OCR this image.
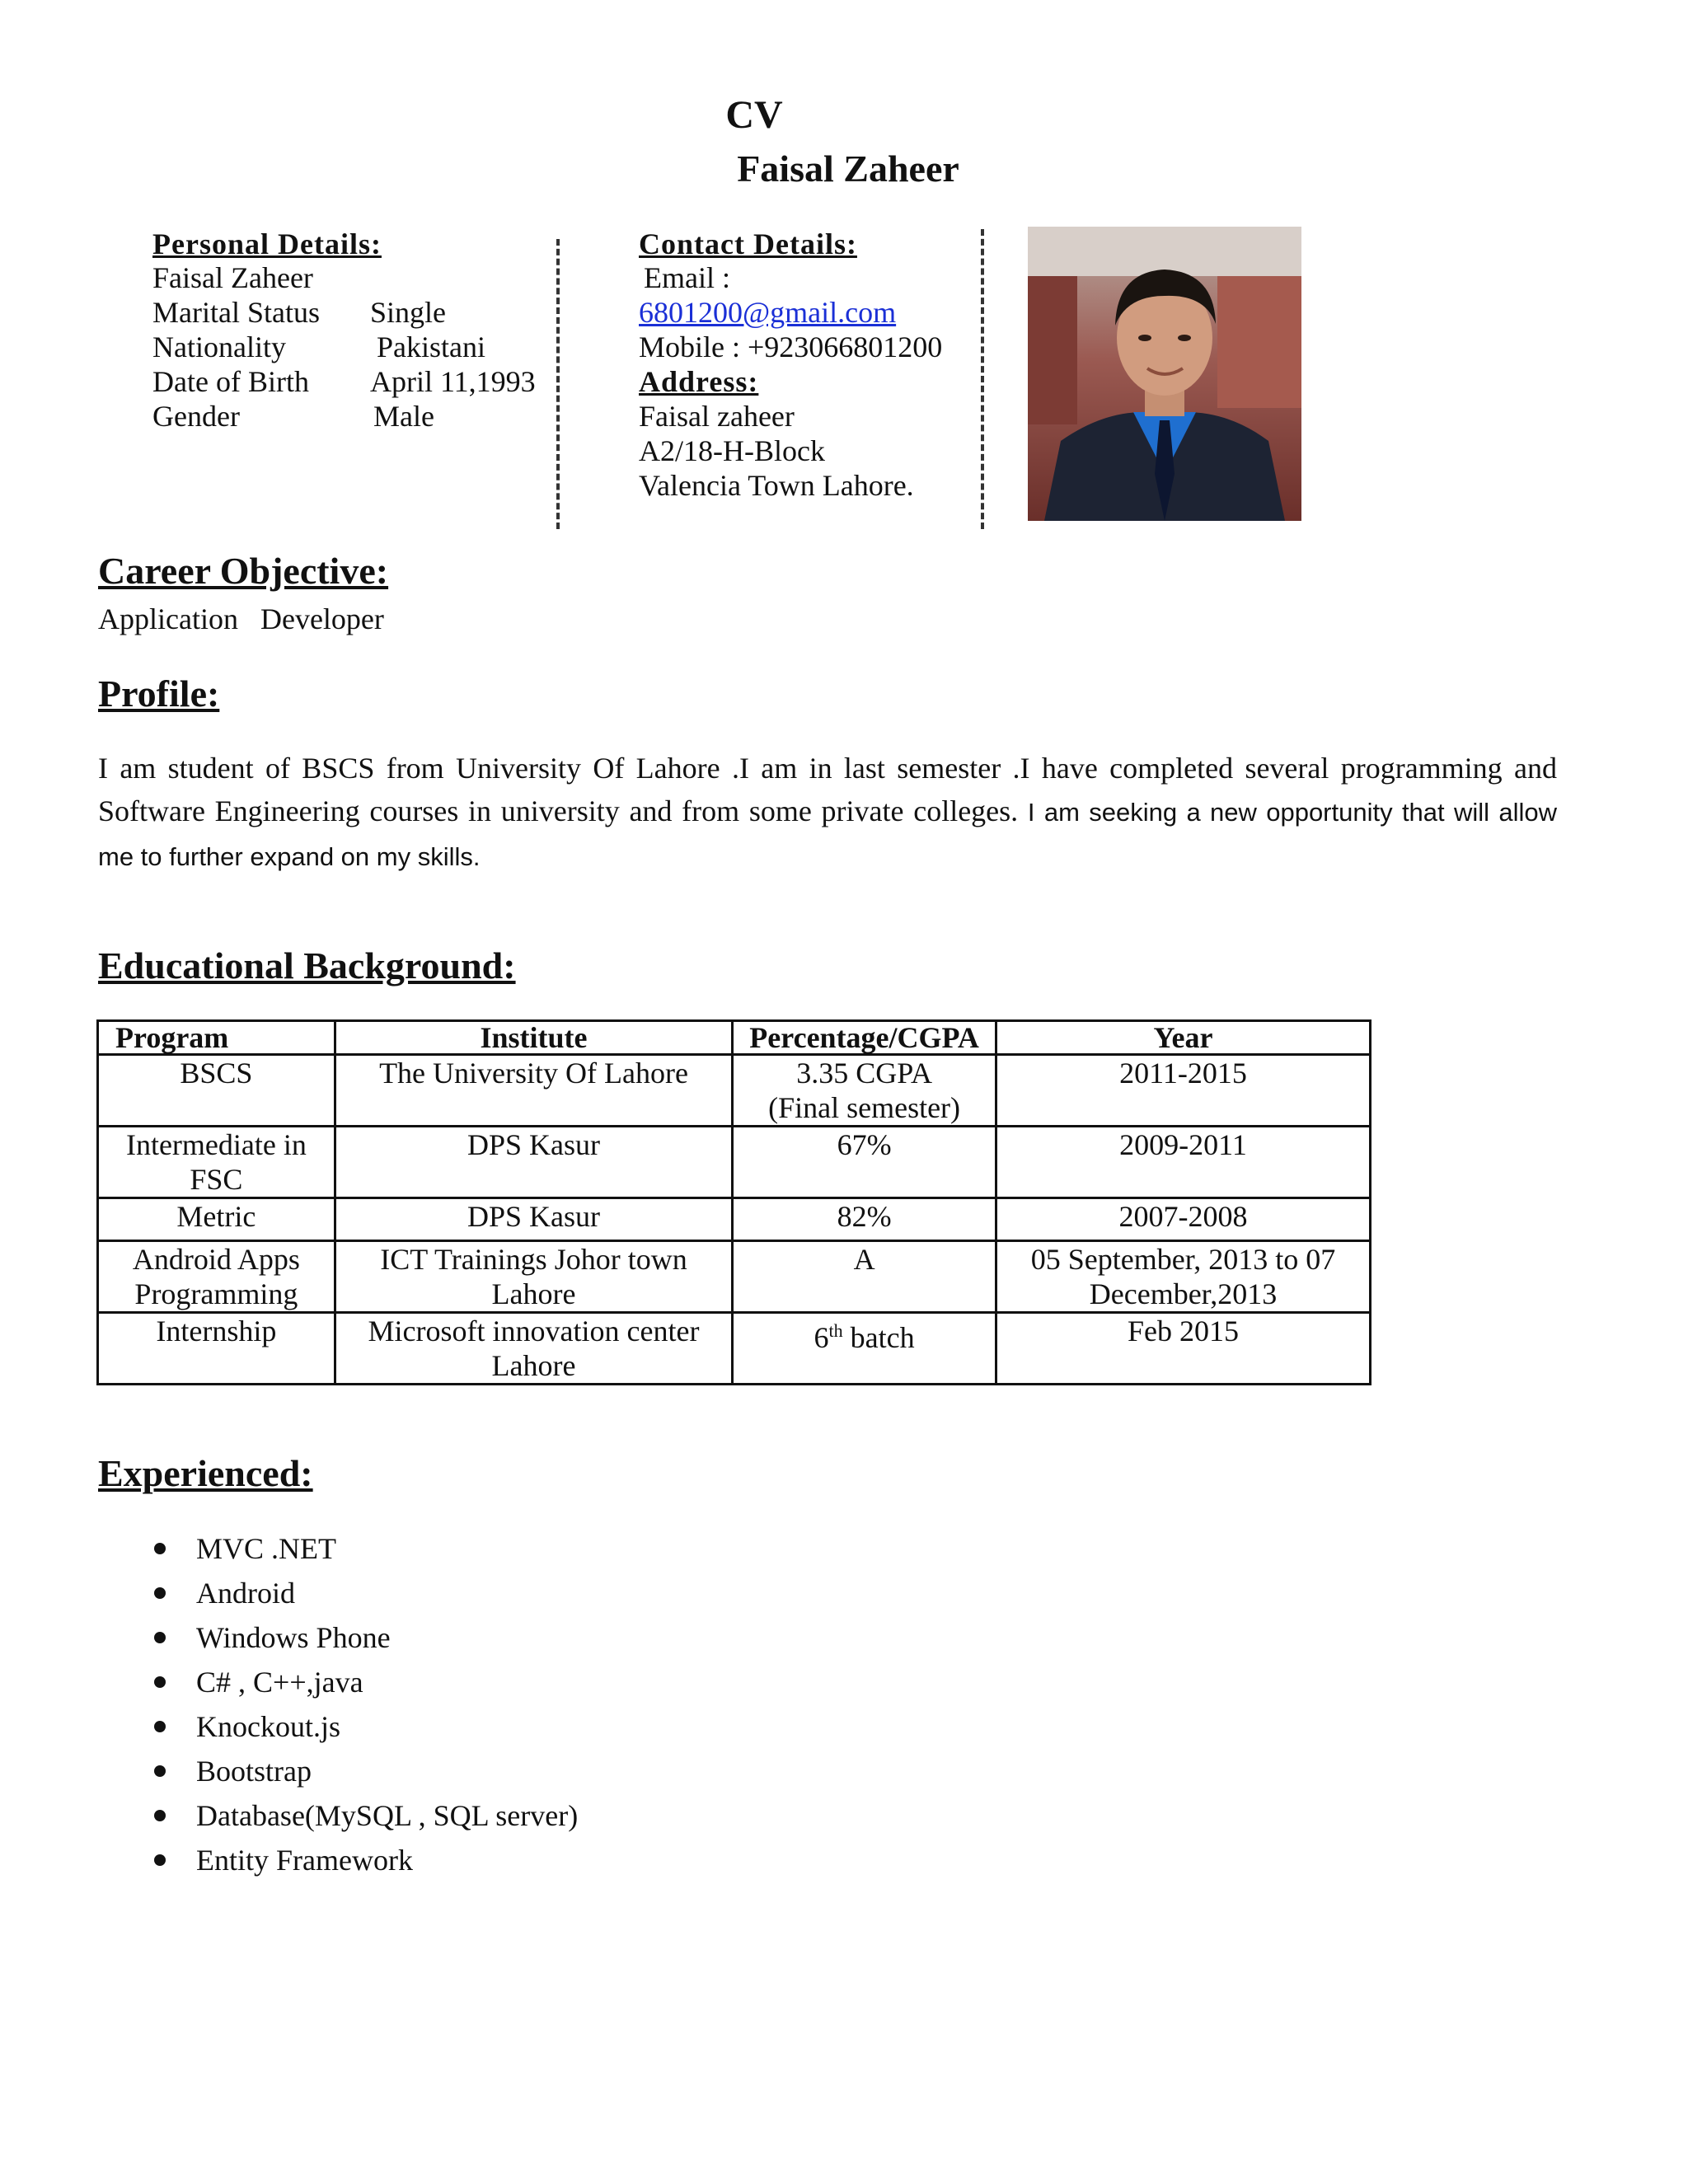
CV
Faisal Zaheer
Personal Details:
Faisal Zaheer
Marital Status Single
Nationality	Pakistani
Date of Birth April 11,1993
Gender	Male
Contact Details:
Email :
6801200@gmail.com
Mobile : +923066801200
Address:
Faisal zaheer
A2/18-H-Block
Valencia Town Lahore.
Career Objective:
Application   Developer
Profile:
I am student of BSCS from University Of Lahore .I am in last semester .I have completed several programming and Software Engineering courses in university and from some private colleges. I am seeking a new opportunity that will allow me to further expand on my skills.
Educational Background:
Program	Institute	Percentage/CGPA	Year
BSCS	The University Of Lahore	3.35 CGPA (Final semester)	2011-2015
Intermediate in FSC	DPS Kasur	67%	2009-2011
Metric	DPS Kasur	82%	2007-2008
Android Apps Programming	ICT Trainings Johor town Lahore	A	05 September, 2013 to 07 December,2013
Internship	Microsoft innovation center Lahore	6th batch	Feb 2015
Experienced:
MVC .NET
Android
Windows Phone
C# , C++,java
Knockout.js
Bootstrap
Database(MySQL , SQL server)
Entity Framework
